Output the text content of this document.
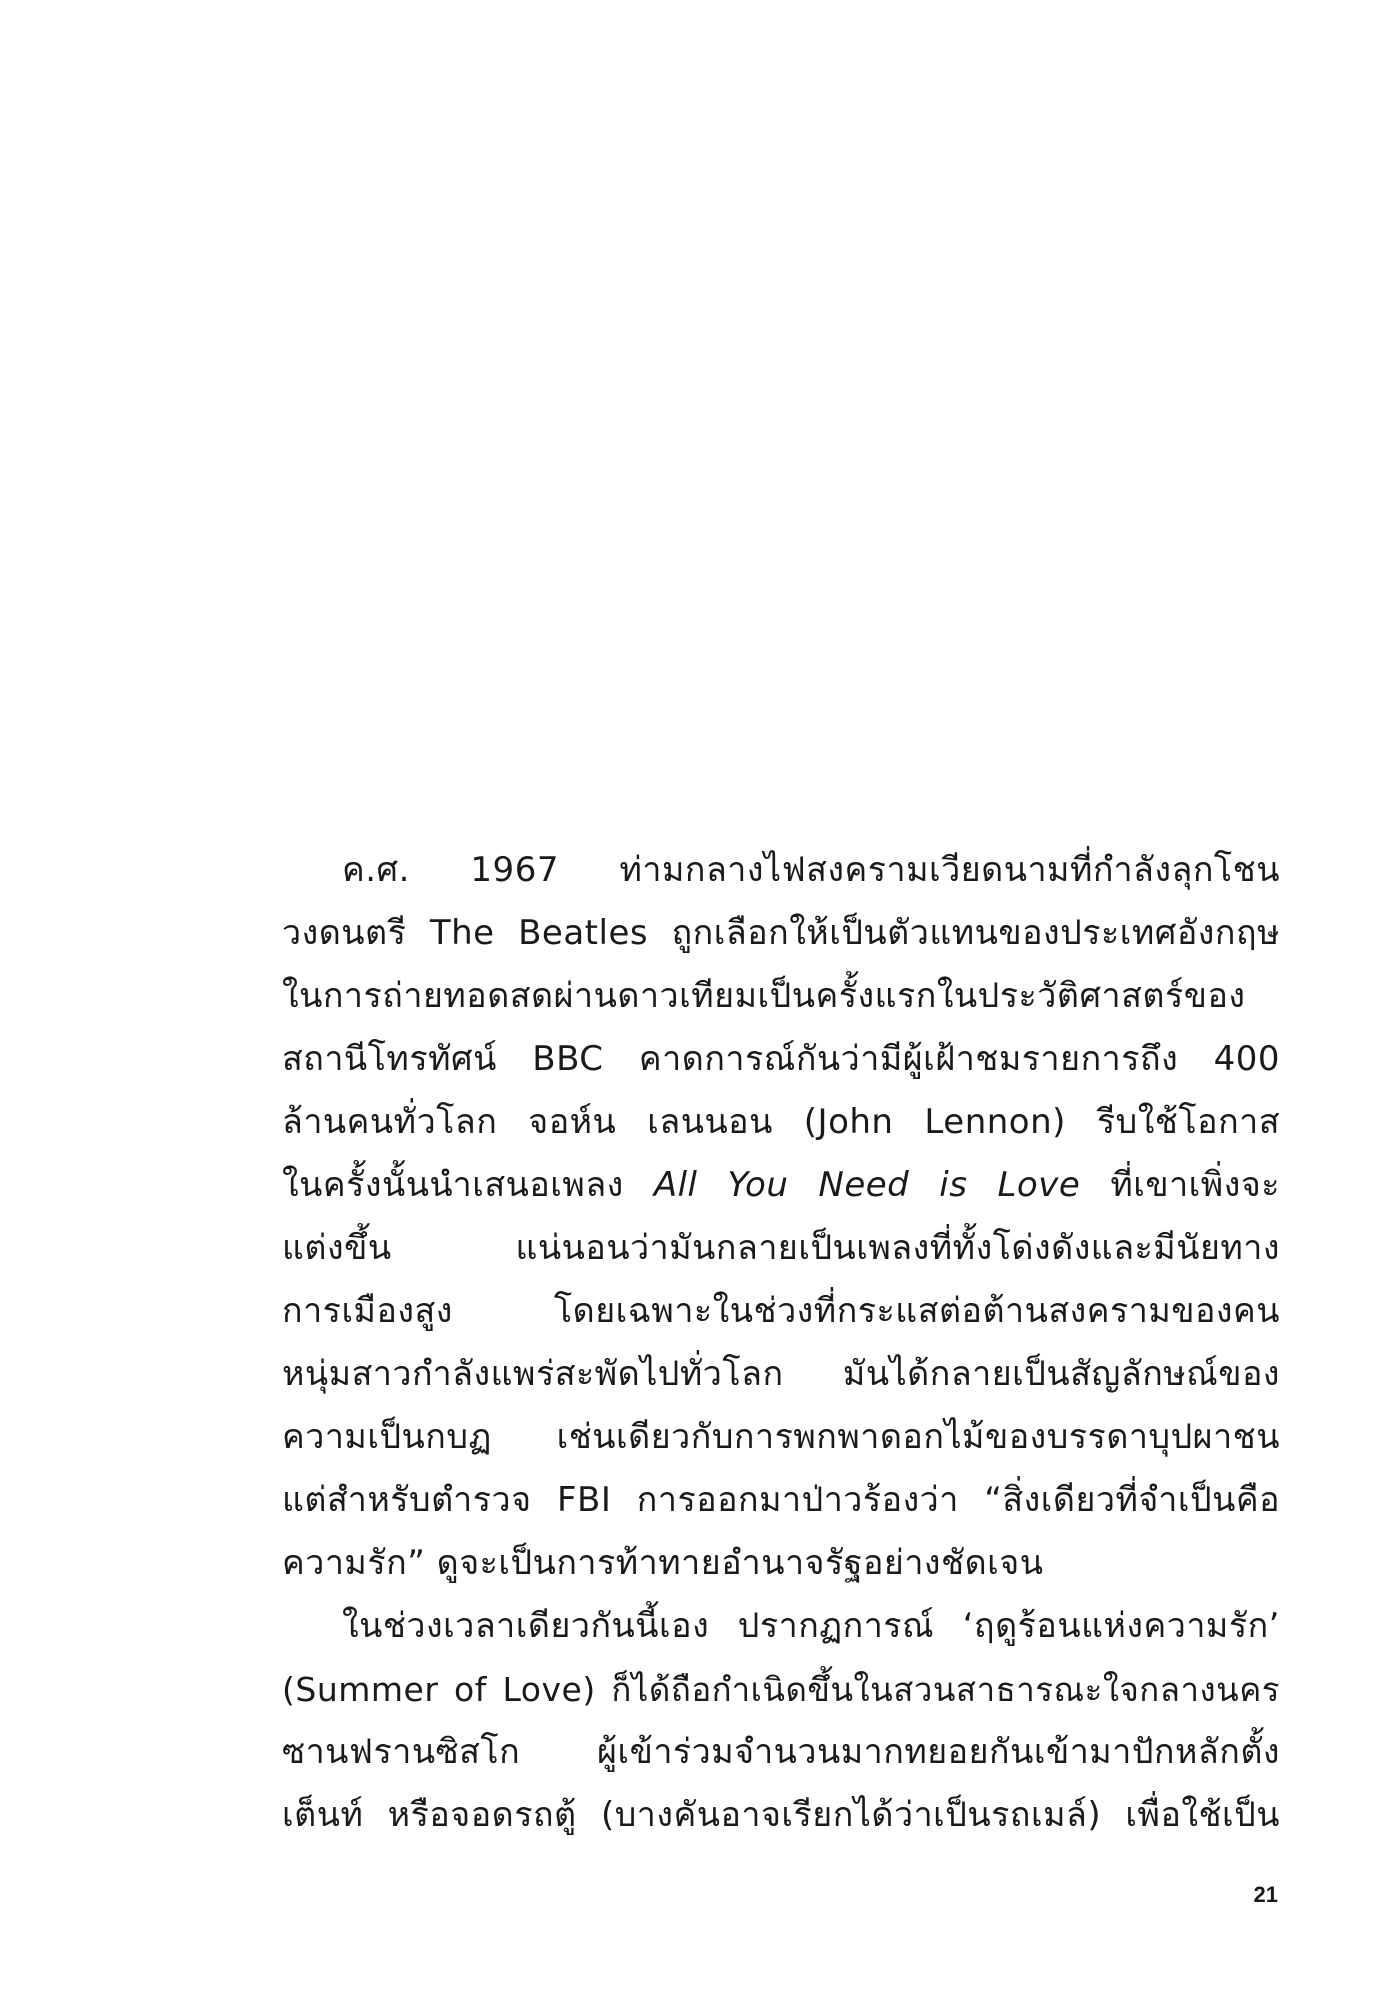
ค.ศ. 1967 ท่ามกลางไฟสงครามเวียดนามที่กำลังลุกโชน
วงดนตรี The Beatles ถูกเลือกให้เป็นตัวแทนของประเทศอังกฤษ
ในการถ่ายทอดสดผ่านดาวเทียมเป็นครั้งแรกในประวัติศาสตร์ของ
สถานีโทรทัศน์ BBC คาดการณ์กันว่ามีผู้เฝ้าชมรายการถึง 400
ล้านคนทั่วโลก จอห์น เลนนอน (John Lennon) รีบใช้โอกาส
ในครั้งนั้นนำเสนอเพลง All You Need is Love ที่เขาเพิ่งจะ
แต่งขึ้น แน่นอนว่ามันกลายเป็นเพลงที่ทั้งโด่งดังและมีนัยทาง
การเมืองสูง โดยเฉพาะในช่วงที่กระแสต่อต้านสงครามของคน
หนุ่มสาวกำลังแพร่สะพัดไปทั่วโลก มันได้กลายเป็นสัญลักษณ์ของ
ความเป็นกบฏ เช่นเดียวกับการพกพาดอกไม้ของบรรดาบุปผาชน
แต่สำหรับตำรวจ FBI การออกมาป่าวร้องว่า “สิ่งเดียวที่จำเป็นคือ
ความรัก” ดูจะเป็นการท้าทายอำนาจรัฐอย่างชัดเจน
ในช่วงเวลาเดียวกันนี้เอง ปรากฏการณ์ ‘ฤดูร้อนแห่งความรัก’
(Summer of Love) ก็ได้ถือกำเนิดขึ้นในสวนสาธารณะใจกลางนคร
ซานฟรานซิสโก ผู้เข้าร่วมจำนวนมากทยอยกันเข้ามาปักหลักตั้ง
เต็นท์ หรือจอดรถตู้ (บางคันอาจเรียกได้ว่าเป็นรถเมล์) เพื่อใช้เป็น
21
